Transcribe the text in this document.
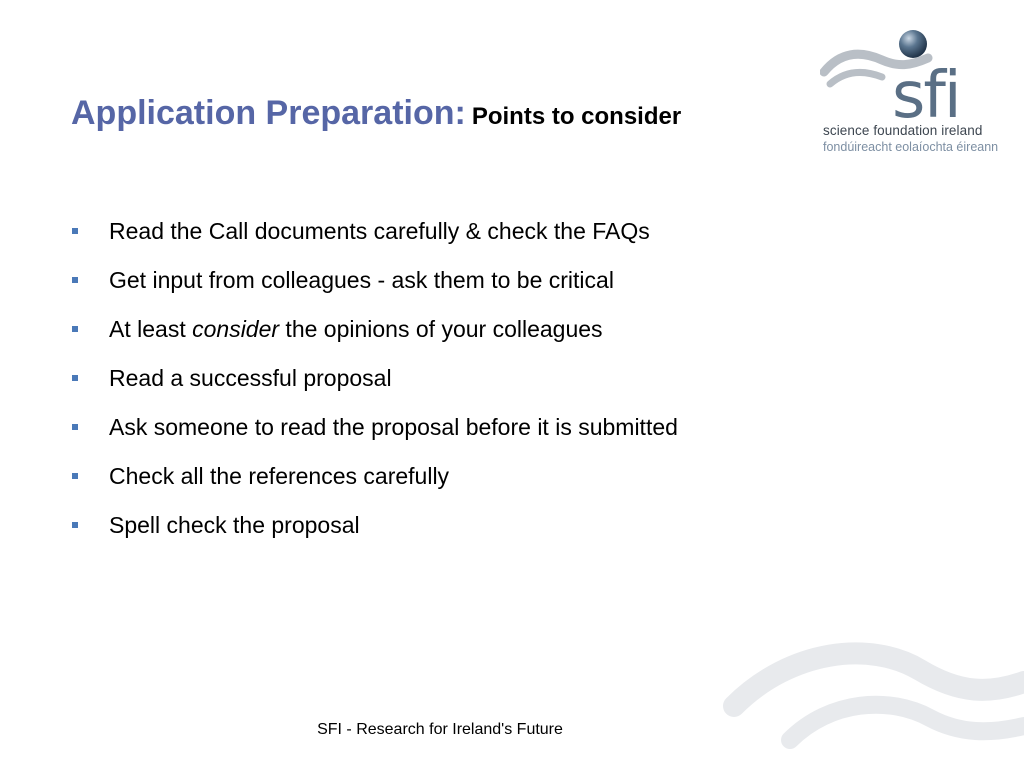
Application Preparation: Points to consider
Read the Call documents carefully & check the FAQs
Get input from colleagues - ask them to be critical
At least consider the opinions of your colleagues
Read a successful proposal
Ask someone to read the proposal before it is submitted
Check all the references carefully
Spell check the proposal
sfi
science foundation ireland
fondúireacht eolaíochta éireann
SFI - Research for Ireland's Future
